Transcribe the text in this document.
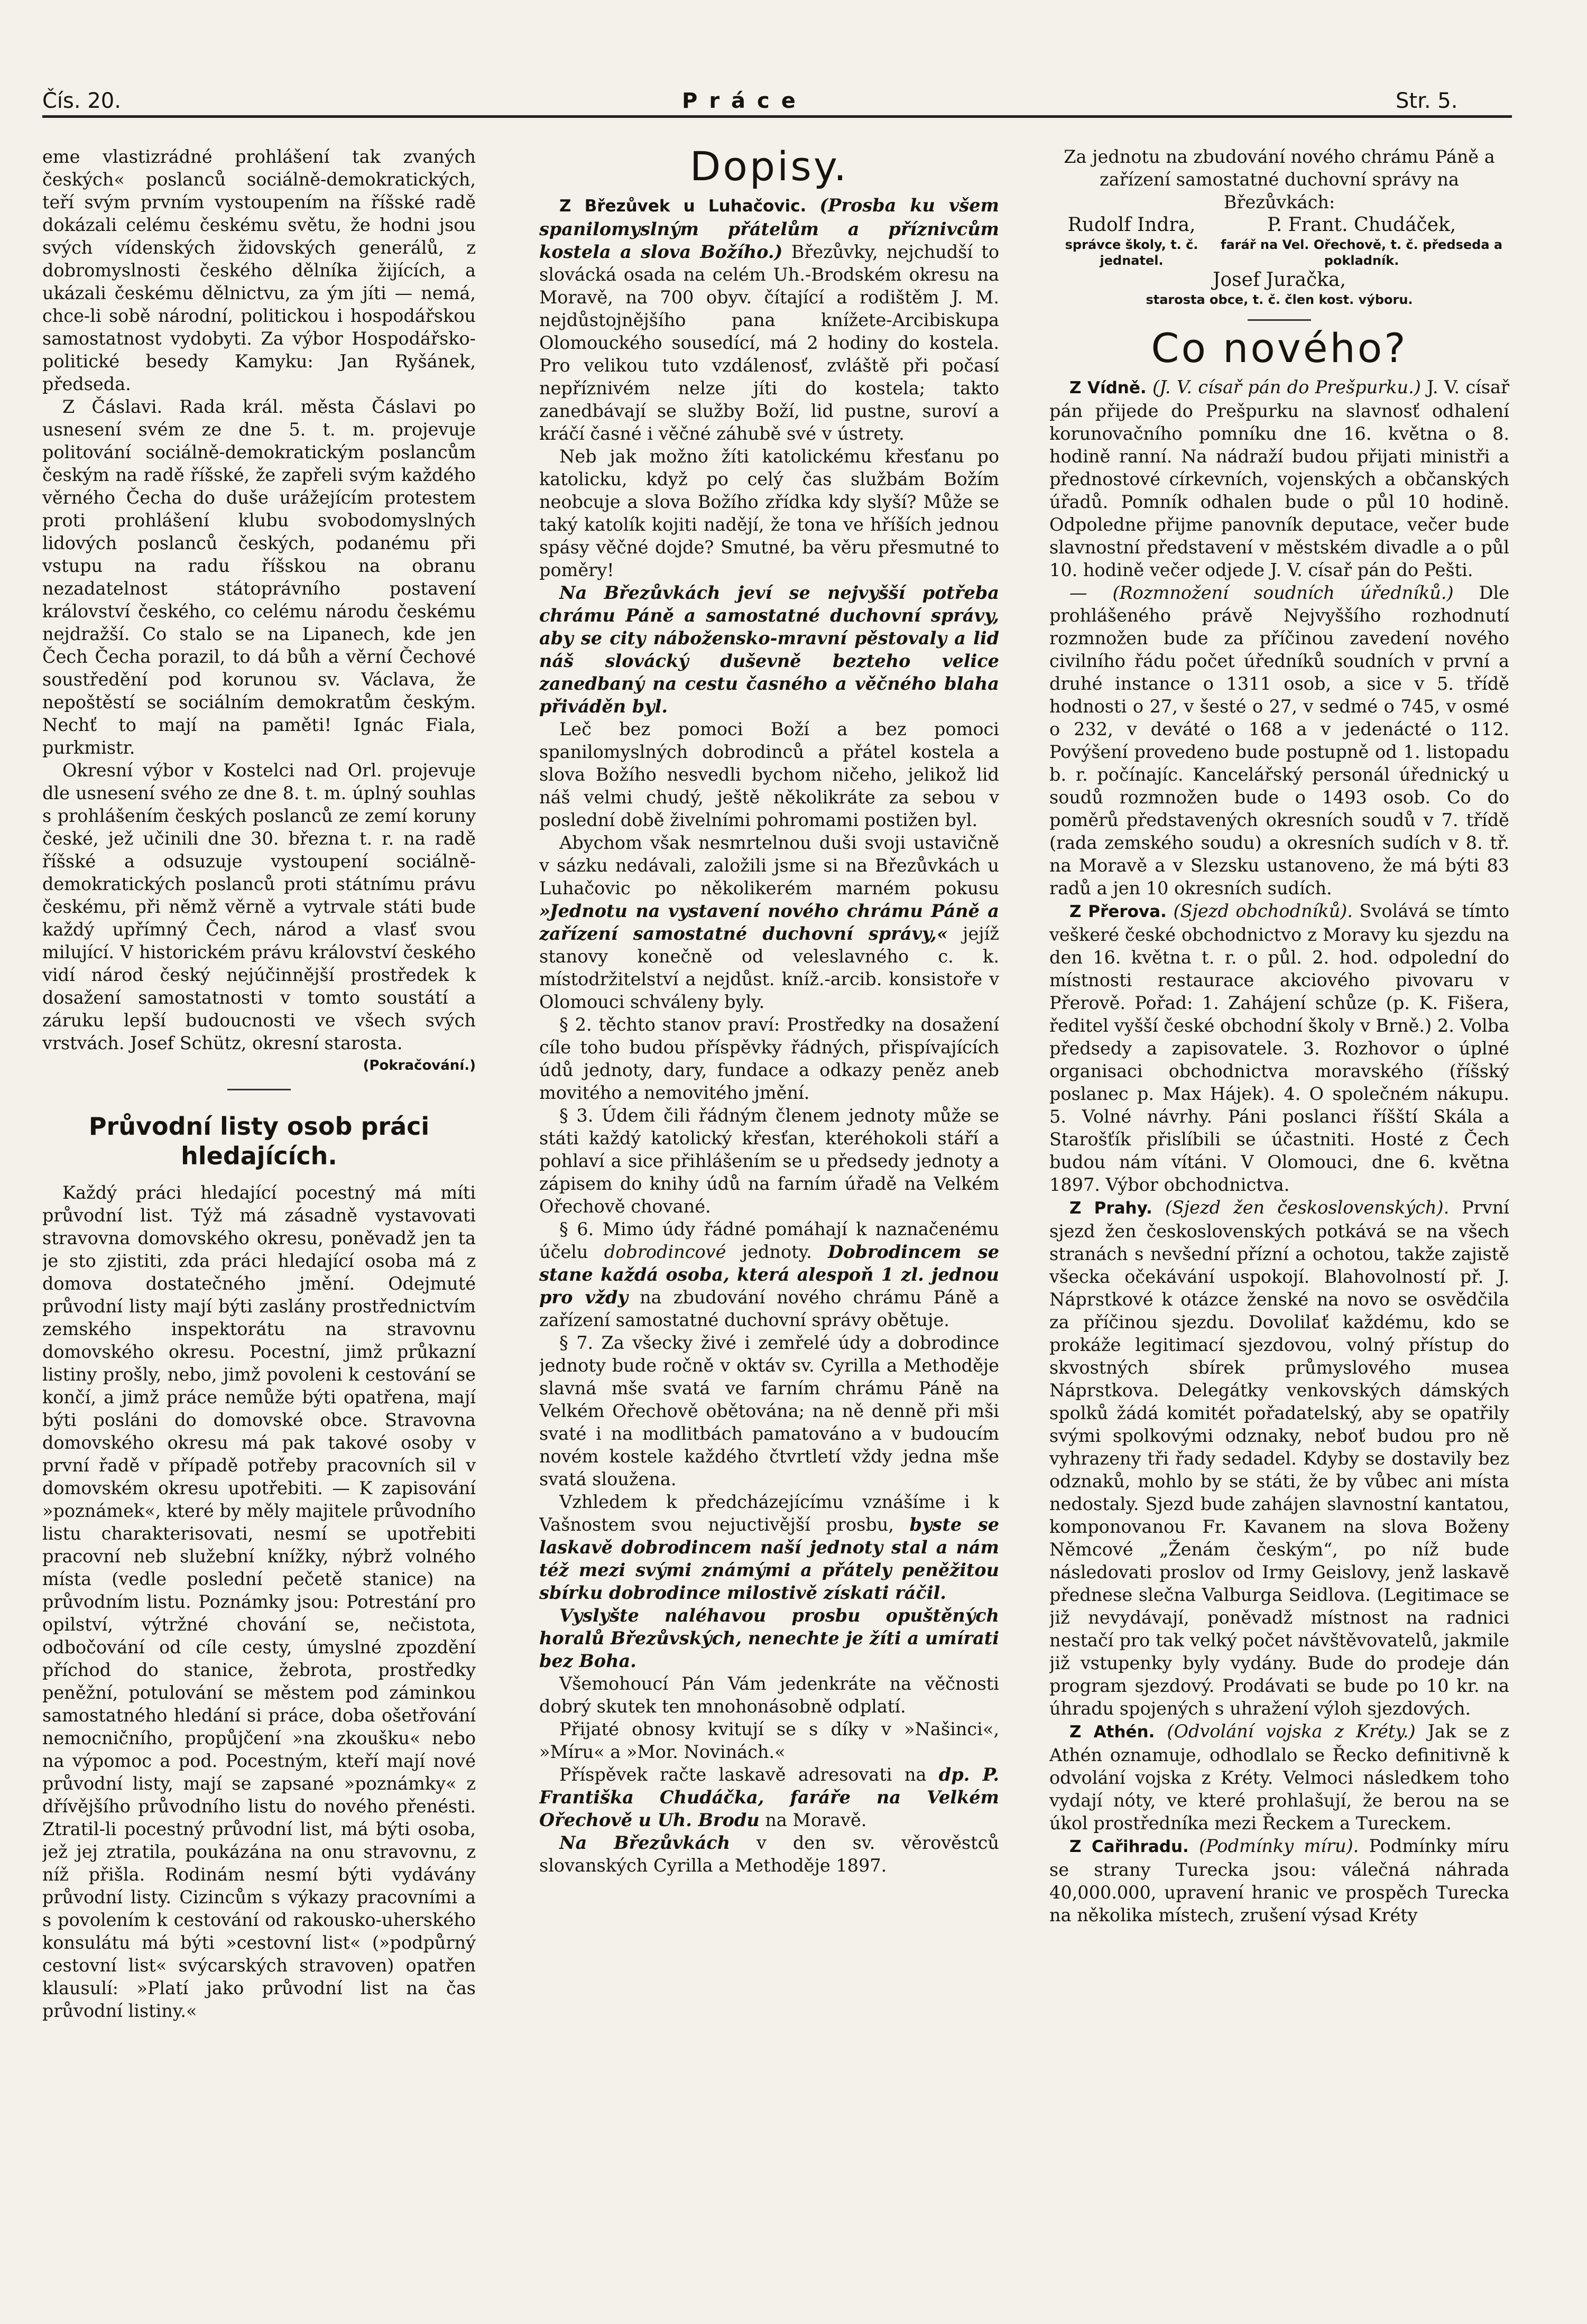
Čís. 20.	Práce	Str. 5.

eme vlastizrádné prohlášení tak zvaných českých« poslanců sociálně-demokratických, teří svým prvním vystoupením na říšské radě dokázali celému českému světu, že hodni jsou svých vídenských židovských generálů, z dobromyslnosti českého dělníka žijících, a ukázali českému dělnictvu, za ým jíti — nemá, chce-li sobě národní, politickou i hospodářskou samostatnost vydobyti. Za výbor Hospodářsko-politické besedy Kamyku: Jan Ryšánek, předseda.

Z Čáslavi. Rada král. města Čáslavi po usnesení svém ze dne 5. t. m. projevuje politování sociálně-demokratickým poslancům českým na radě říšské, že zapřeli svým každého věrného Čecha do duše urážejícím protestem proti prohlášení klubu svobodomyslných lidových poslanců českých, podanému při vstupu na radu říšskou na obranu nezadatelnost státoprávního postavení království českého, co celému národu českému nejdražší. Co stalo se na Lipanech, kde jen Čech Čecha porazil, to dá bůh a věrní Čechové soustředění pod korunou sv. Václava, že nepoštěstí se sociálním demokratům českým. Nechť to mají na paměti! Ignác Fiala, purkmistr.

Okresní výbor v Kostelci nad Orl. projevuje dle usnesení svého ze dne 8. t. m. úplný souhlas s prohlášením českých poslanců ze zemí koruny české, jež učinili dne 30. března t. r. na radě říšské a odsuzuje vystoupení sociálně-demokratických poslanců proti státnímu právu českému, při němž věrně a vytrvale státi bude každý upřímný Čech, národ a vlasť svou milující. V historickém právu království českého vidí národ český nejúčinnější prostředek k dosažení samostatnosti v tomto soustátí a záruku lepší budoucnosti ve všech svých vrstvách. Josef Schütz, okresní starosta.

(Pokračování.)
Průvodní listy osob práci hledajících.

Každý práci hledající pocestný má míti průvodní list. Týž má zásadně vystavovati stravovna domovského okresu, poněvadž jen ta je sto zjistiti, zda práci hledající osoba má z domova dostatečného jmění. Odejmuté průvodní listy mají býti zaslány prostřednictvím zemského inspektorátu na stravovnu domovského okresu. Pocestní, jimž průkazní listiny prošly, nebo, jimž povoleni k cestování se končí, a jimž práce nemůže býti opatřena, mají býti posláni do domovské obce. Stravovna domovského okresu má pak takové osoby v první řadě v případě potřeby pracovních sil v domovském okresu upotřebiti. — K zapisování »poznámek«, které by měly majitele průvodního listu charakterisovati, nesmí se upotřebiti pracovní neb služební knížky, nýbrž volného místa (vedle poslední pečetě stanice) na průvodním listu. Poznámky jsou: Potrestání pro opilství, výtržné chování se, nečistota, odbočování od cíle cesty, úmyslné zpozdění příchod do stanice, žebrota, prostředky peněžní, potulování se městem pod záminkou samostatného hledání si práce, doba ošetřování nemocničního, propůjčení »na zkoušku« nebo na výpomoc a pod. Pocestným, kteří mají nové průvodní listy, mají se zapsané »poznámky« z dřívějšího průvodního listu do nového přenésti. Ztratil-li pocestný průvodní list, má býti osoba, jež jej ztratila, poukázána na onu stravovnu, z níž přišla. Rodinám nesmí býti vydávány průvodní listy. Cizincům s výkazy pracovními a s povolením k cestování od rakousko-uherského konsulátu má býti »cestovní list« (»podpůrný cestovní list« svýcarských stravoven) opatřen klausulí: »Platí jako průvodní list na čas průvodní listiny.«

Dopisy.

Z Březůvek u Luhačovic. (Prosba ku všem spanilomyslným přátelům a příznivcům kostela a slova Božího.) Březůvky, nejchudší to slovácká osada na celém Uh.-Brodském okresu na Moravě, na 700 obyv. čítající a rodištěm J. M. nejdůstojnějšího pana knížete-Arcibiskupa Olomouckého sousedící, má 2 hodiny do kostela. Pro velikou tuto vzdálenosť, zvláště při počasí nepříznivém nelze jíti do kostela; takto zanedbávají se služby Boží, lid pustne, suroví a kráčí časné i věčné záhubě své v ústrety.

Neb jak možno žíti katolickému křesťanu po katolicku, když po celý čas službám Božím neobcuje a slova Božího zřídka kdy slyší? Může se taký katolík kojiti nadějí, že tona ve hříších jednou spásy věčné dojde? Smutné, ba věru přesmutné to poměry!

Na Březůvkách jeví se nejvyšší potřeba chrámu Páně a samostatné duchovní správy, aby se city nábožensko-mravní pěstovaly a lid náš slovácký duševně bezteho velice zanedbaný na cestu časného a věčného blaha přiváděn byl.

Leč bez pomoci Boží a bez pomoci spanilomyslných dobrodinců a přátel kostela a slova Božího nesvedli bychom ničeho, jelikož lid náš velmi chudý, ještě několikráte za sebou v poslední době živelními pohromami postižen byl.

Abychom však nesmrtelnou duši svoji ustavičně v sázku nedávali, založili jsme si na Březůvkách u Luhačovic po několikerém marném pokusu »Jednotu na vystavení nového chrámu Páně a zařízení samostatné duchovní správy,« jejíž stanovy konečně od veleslavného c. k. místodržitelství a nejdůst. kníž.-arcib. konsistoře v Olomouci schváleny byly.

§ 2. těchto stanov praví: Prostředky na dosažení cíle toho budou příspěvky řádných, přispívajících údů jednoty, dary, fundace a odkazy peněz aneb movitého a nemovitého jmění.

§ 3. Údem čili řádným členem jednoty může se státi každý katolický křesťan, kteréhokoli stáří a pohlaví a sice přihlášením se u předsedy jednoty a zápisem do knihy údů na farním úřadě na Velkém Ořechově chované.

§ 6. Mimo údy řádné pomáhají k naznačenému účelu dobrodincové jednoty. Dobrodincem se stane každá osoba, která alespoň 1 zl. jednou pro vždy na zbudování nového chrámu Páně a zařízení samostatné duchovní správy obětuje.

§ 7. Za všecky živé i zemřelé údy a dobrodince jednoty bude ročně v oktáv sv. Cyrilla a Methoděje slavná mše svatá ve farním chrámu Páně na Velkém Ořechově obětována; na ně denně při mši svaté i na modlitbách pamatováno a v budoucím novém kostele každého čtvrtletí vždy jedna mše svatá sloužena.

Vzhledem k předcházejícímu vznášíme i k Vašnostem svou nejuctivější prosbu, byste se laskavě dobrodincem naší jednoty stal a nám též mezi svými známými a přátely peněžitou sbírku dobrodince milostivě získati ráčil.

Vyslyšte naléhavou prosbu opuštěných horalů Březůvských, nenechte je žíti a umírati bez Boha.

Všemohoucí Pán Vám jedenkráte na věčnosti dobrý skutek ten mnohonásobně odplatí.

Přijaté obnosy kvitují se s díky v »Našinci«, »Míru« a »Mor. Novinách.«

Příspěvek račte laskavě adresovati na dp. P. Františka Chudáčka, faráře na Velkém Ořechově u Uh. Brodu na Moravě.

Na Březůvkách v den sv. věrověstců slovanských Cyrilla a Methoděje 1897.

Za jednotu na zbudování nového chrámu Páně a zařízení samostatné duchovní správy na Březůvkách:

Rudolf Indra,
správce školy, t. č. jednatel.
P. Frant. Chudáček,
farář na Vel. Ořechově, t. č. předseda a pokladník.
Josef Juračka,
starosta obce, t. č. člen kost. výboru.
Co nového?

Z Vídně. (J. V. císař pán do Prešpurku.) J. V. císař pán přijede do Prešpurku na slavnosť odhalení korunovačního pomníku dne 16. května o 8. hodině ranní. Na nádraží budou přijati ministři a přednostové církevních, vojenských a občanských úřadů. Pomník odhalen bude o půl 10 hodině. Odpoledne přijme panovník deputace, večer bude slavnostní představení v městském divadle a o půl 10. hodině večer odjede J. V. císař pán do Pešti.

— (Rozmnožení soudních úředníků.) Dle prohlášeného právě Nejvyššího rozhodnutí rozmnožen bude za příčinou zavedení nového civilního řádu počet úředníků soudních v první a druhé instance o 1311 osob, a sice v 5. třídě hodnosti o 27, v šesté o 27, v sedmé o 745, v osmé o 232, v deváté o 168 a v jedenácté o 112. Povýšení provedeno bude postupně od 1. listopadu b. r. počínajíc. Kancelářský personál úřednický u soudů rozmnožen bude o 1493 osob. Co do poměrů představených okresních soudů v 7. třídě (rada zemského soudu) a okresních sudích v 8. tř. na Moravě a v Slezsku ustanoveno, že má býti 83 radů a jen 10 okresních sudích.

Z Přerova. (Sjezd obchodníků). Svolává se tímto veškeré české obchodnictvo z Moravy ku sjezdu na den 16. května t. r. o půl. 2. hod. odpolední do místnosti restaurace akciového pivovaru v Přerově. Pořad: 1. Zahájení schůze (p. K. Fišera, ředitel vyšší české obchodní školy v Brně.) 2. Volba předsedy a zapisovatele. 3. Rozhovor o úplné organisaci obchodnictva moravského (říšský poslanec p. Max Hájek). 4. O společném nákupu. 5. Volné návrhy. Páni poslanci říšští Skála a Starošťík přislíbili se účastniti. Hosté z Čech budou nám vítáni. V Olomouci, dne 6. května 1897. Výbor obchodnictva.

Z Prahy. (Sjezd žen československých). První sjezd žen československých potkává se na všech stranách s nevšední přízní a ochotou, takže zajistě všecka očekávání uspokojí. Blahovolností př. J. Náprstkové k otázce ženské na novo se osvědčila za příčinou sjezdu. Dovolilať každému, kdo se prokáže legitimací sjezdovou, volný přístup do skvostných sbírek průmyslového musea Náprstkova. Delegátky venkovských dámských spolků žádá komitét pořadatelský, aby se opatřily svými spolkovými odznaky, neboť budou pro ně vyhrazeny tři řady sedadel. Kdyby se dostavily bez odznaků, mohlo by se státi, že by vůbec ani místa nedostaly. Sjezd bude zahájen slavnostní kantatou, komponovanou Fr. Kavanem na slova Boženy Němcové „Ženám českým“, po níž bude následovati proslov od Irmy Geislovy, jenž laskavě přednese slečna Valburga Seidlova. (Legitimace se již nevydávají, poněvadž místnost na radnici nestačí pro tak velký počet návštěvovatelů, jakmile již vstupenky byly vydány. Bude do prodeje dán program sjezdový. Prodávati se bude po 10 kr. na úhradu spojených s uhražení výloh sjezdových.

Z Athén. (Odvolání vojska z Kréty.) Jak se z Athén oznamuje, odhodlalo se Řecko definitivně k odvolání vojska z Kréty. Velmoci následkem toho vydají nóty, ve které prohlašují, že berou na se úkol prostředníka mezi Řeckem a Tureckem.

Z Cařihradu. (Podmínky míru). Podmínky míru se strany Turecka jsou: válečná náhrada 40,000.000, upravení hranic ve prospěch Turecka na několika místech, zrušení výsad Kréty
